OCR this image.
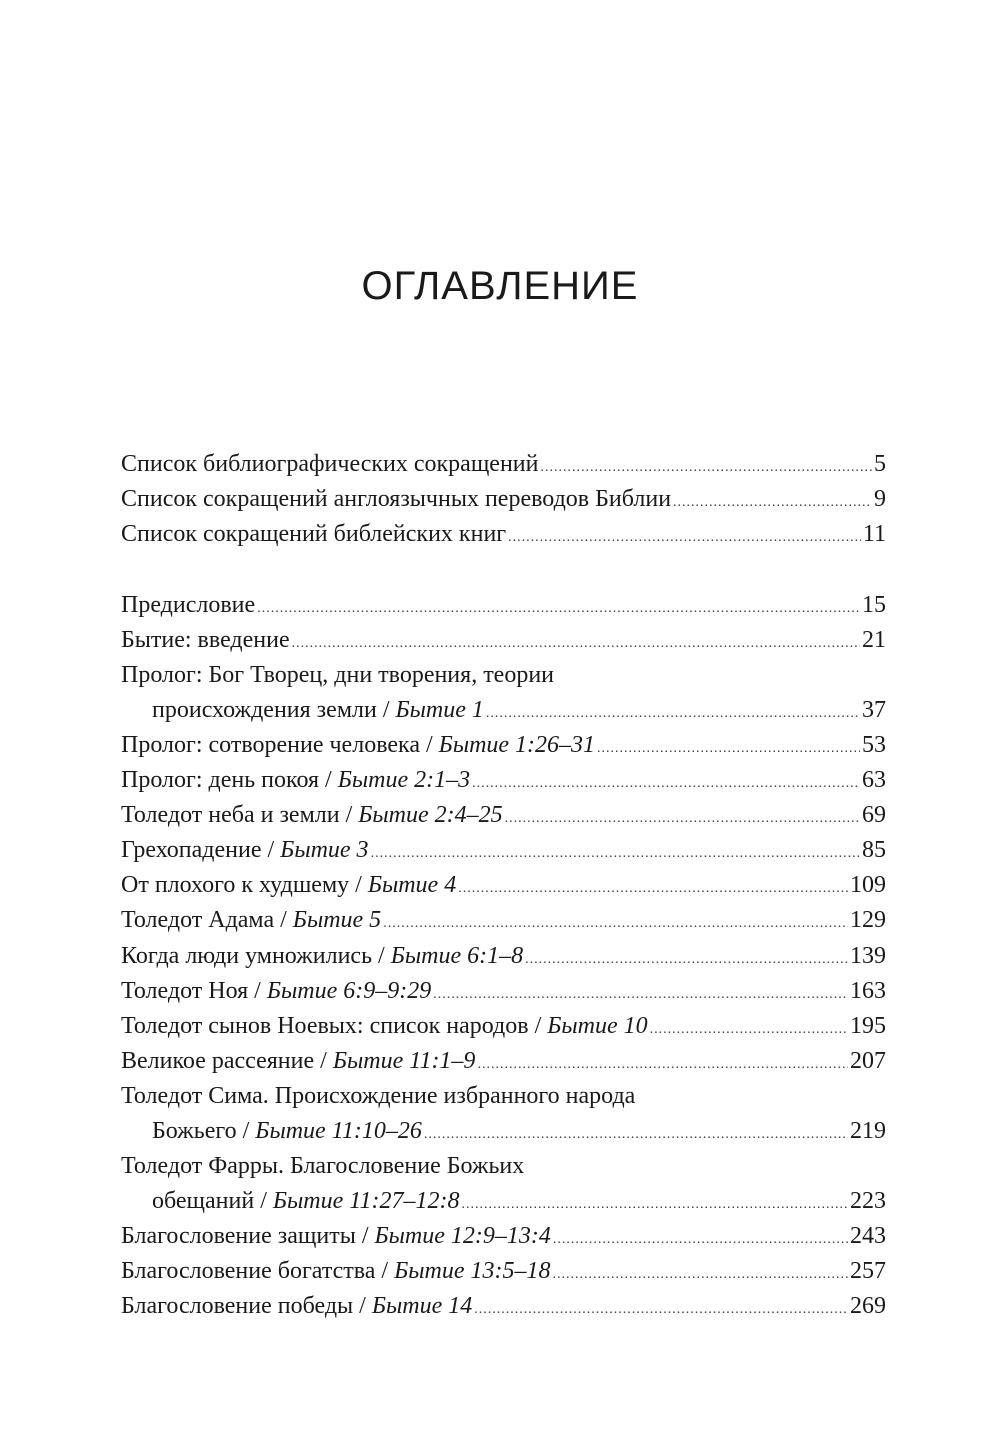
ОГЛАВЛЕНИЕ
Список библиографических сокращений .....	5
Список сокращений англоязычных переводов Библии .....	9
Список сокращений библейских книг .....	11
Предисловие .....	15
Бытие: введение .....	21
Пролог: Бог Творец, дни творения, теории
происхождения земли / Бытие 1 .....	37
Пролог: сотворение человека / Бытие 1:26–31 .....	53
Пролог: день покоя / Бытие 2:1–3 .....	63
Толедот неба и земли / Бытие 2:4–25 .....	69
Грехопадение / Бытие 3 .....	85
От плохого к худшему / Бытие 4 .....	109
Толедот Адама / Бытие 5 .....	129
Когда люди умножились / Бытие 6:1–8 .....	139
Толедот Ноя / Бытие 6:9–9:29 .....	163
Толедот сынов Ноевых: список народов / Бытие 10 .....	195
Великое рассеяние / Бытие 11:1–9 .....	207
Толедот Сима. Происхождение избранного народа
Божьего / Бытие 11:10–26 .....	219
Толедот Фарры. Благословение Божьих
обещаний / Бытие 11:27–12:8 .....	223
Благословение защиты / Бытие 12:9–13:4 .....	243
Благословение богатства / Бытие 13:5–18 .....	257
Благословение победы / Бытие 14 .....	269
